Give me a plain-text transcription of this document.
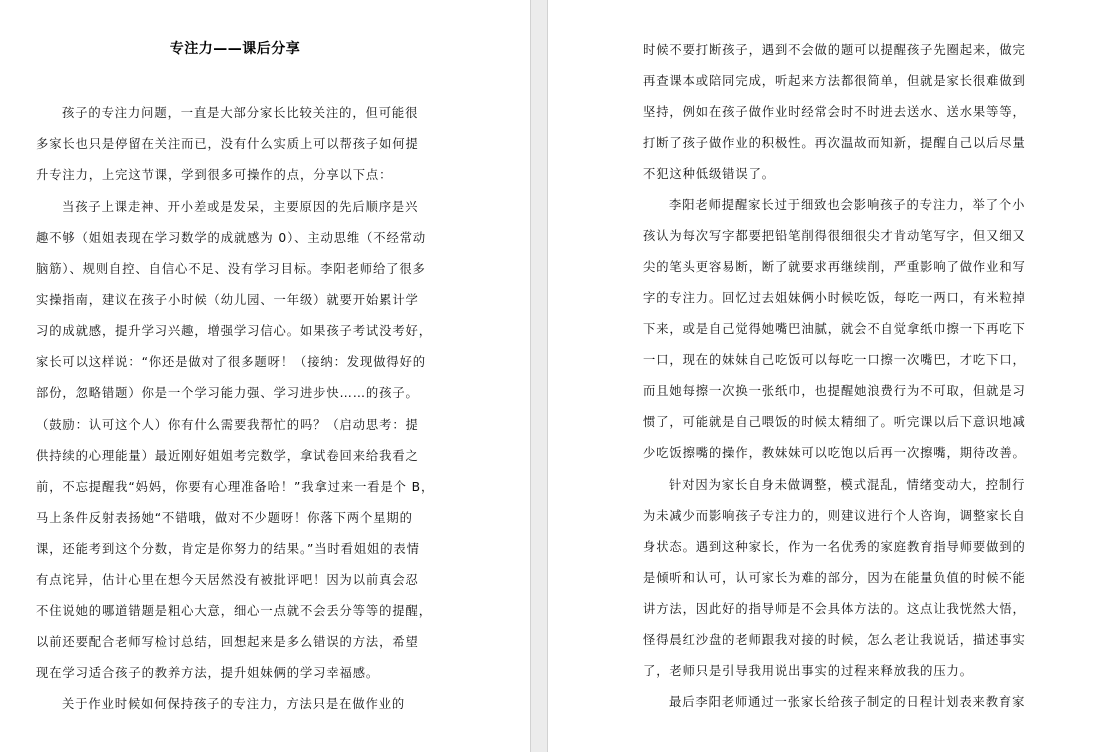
专注力——课后分享
孩子的专注力问题，一直是大部分家长比较关注的，但可能很
多家长也只是停留在关注而已，没有什么实质上可以帮孩子如何提
升专注力，上完这节课，学到很多可操作的点，分享以下点：
当孩子上课走神、开小差或是发呆，主要原因的先后顺序是兴
趣不够（姐姐表现在学习数学的成就感为 0）、主动思维（不经常动
脑筋）、规则自控、自信心不足、没有学习目标。李阳老师给了很多
实操指南，建议在孩子小时候（幼儿园、一年级）就要开始累计学
习的成就感，提升学习兴趣，增强学习信心。如果孩子考试没考好，
家长可以这样说：“你还是做对了很多题呀！（接纳：发现做得好的
部份，忽略错题）你是一个学习能力强、学习进步快……的孩子。
（鼓励：认可这个人）你有什么需要我帮忙的吗？（启动思考：提
供持续的心理能量）最近刚好姐姐考完数学，拿试卷回来给我看之
前，不忘提醒我“妈妈，你要有心理准备哈！”我拿过来一看是个 B，
马上条件反射表扬她“不错哦，做对不少题呀！你落下两个星期的
课，还能考到这个分数，肯定是你努力的结果。”当时看姐姐的表情
有点诧异，估计心里在想今天居然没有被批评吧！因为以前真会忍
不住说她的哪道错题是粗心大意，细心一点就不会丢分等等的提醒，
以前还要配合老师写检讨总结，回想起来是多么错误的方法，希望
现在学习适合孩子的教养方法，提升姐妹俩的学习幸福感。
关于作业时候如何保持孩子的专注力，方法只是在做作业的
时候不要打断孩子，遇到不会做的题可以提醒孩子先圈起来，做完
再查课本或陪同完成，听起来方法都很简单，但就是家长很难做到
坚持，例如在孩子做作业时经常会时不时进去送水、送水果等等，
打断了孩子做作业的积极性。再次温故而知新，提醒自己以后尽量
不犯这种低级错误了。
李阳老师提醒家长过于细致也会影响孩子的专注力，举了个小
孩认为每次写字都要把铅笔削得很细很尖才肯动笔写字，但又细又
尖的笔头更容易断，断了就要求再继续削，严重影响了做作业和写
字的专注力。回忆过去姐妹俩小时候吃饭，每吃一两口，有米粒掉
下来，或是自己觉得她嘴巴油腻，就会不自觉拿纸巾擦一下再吃下
一口，现在的妹妹自己吃饭可以每吃一口擦一次嘴巴，才吃下口，
而且她每擦一次换一张纸巾，也提醒她浪费行为不可取，但就是习
惯了，可能就是自己喂饭的时候太精细了。听完课以后下意识地减
少吃饭擦嘴的操作，教妹妹可以吃饱以后再一次擦嘴，期待改善。
针对因为家长自身未做调整，模式混乱，情绪变动大，控制行
为未减少而影响孩子专注力的，则建议进行个人咨询，调整家长自
身状态。遇到这种家长，作为一名优秀的家庭教育指导师要做到的
是倾听和认可，认可家长为难的部分，因为在能量负值的时候不能
讲方法，因此好的指导师是不会具体方法的。这点让我恍然大悟，
怪得晨红沙盘的老师跟我对接的时候，怎么老让我说话，描述事实
了，老师只是引导我用说出事实的过程来释放我的压力。
最后李阳老师通过一张家长给孩子制定的日程计划表来教育家
